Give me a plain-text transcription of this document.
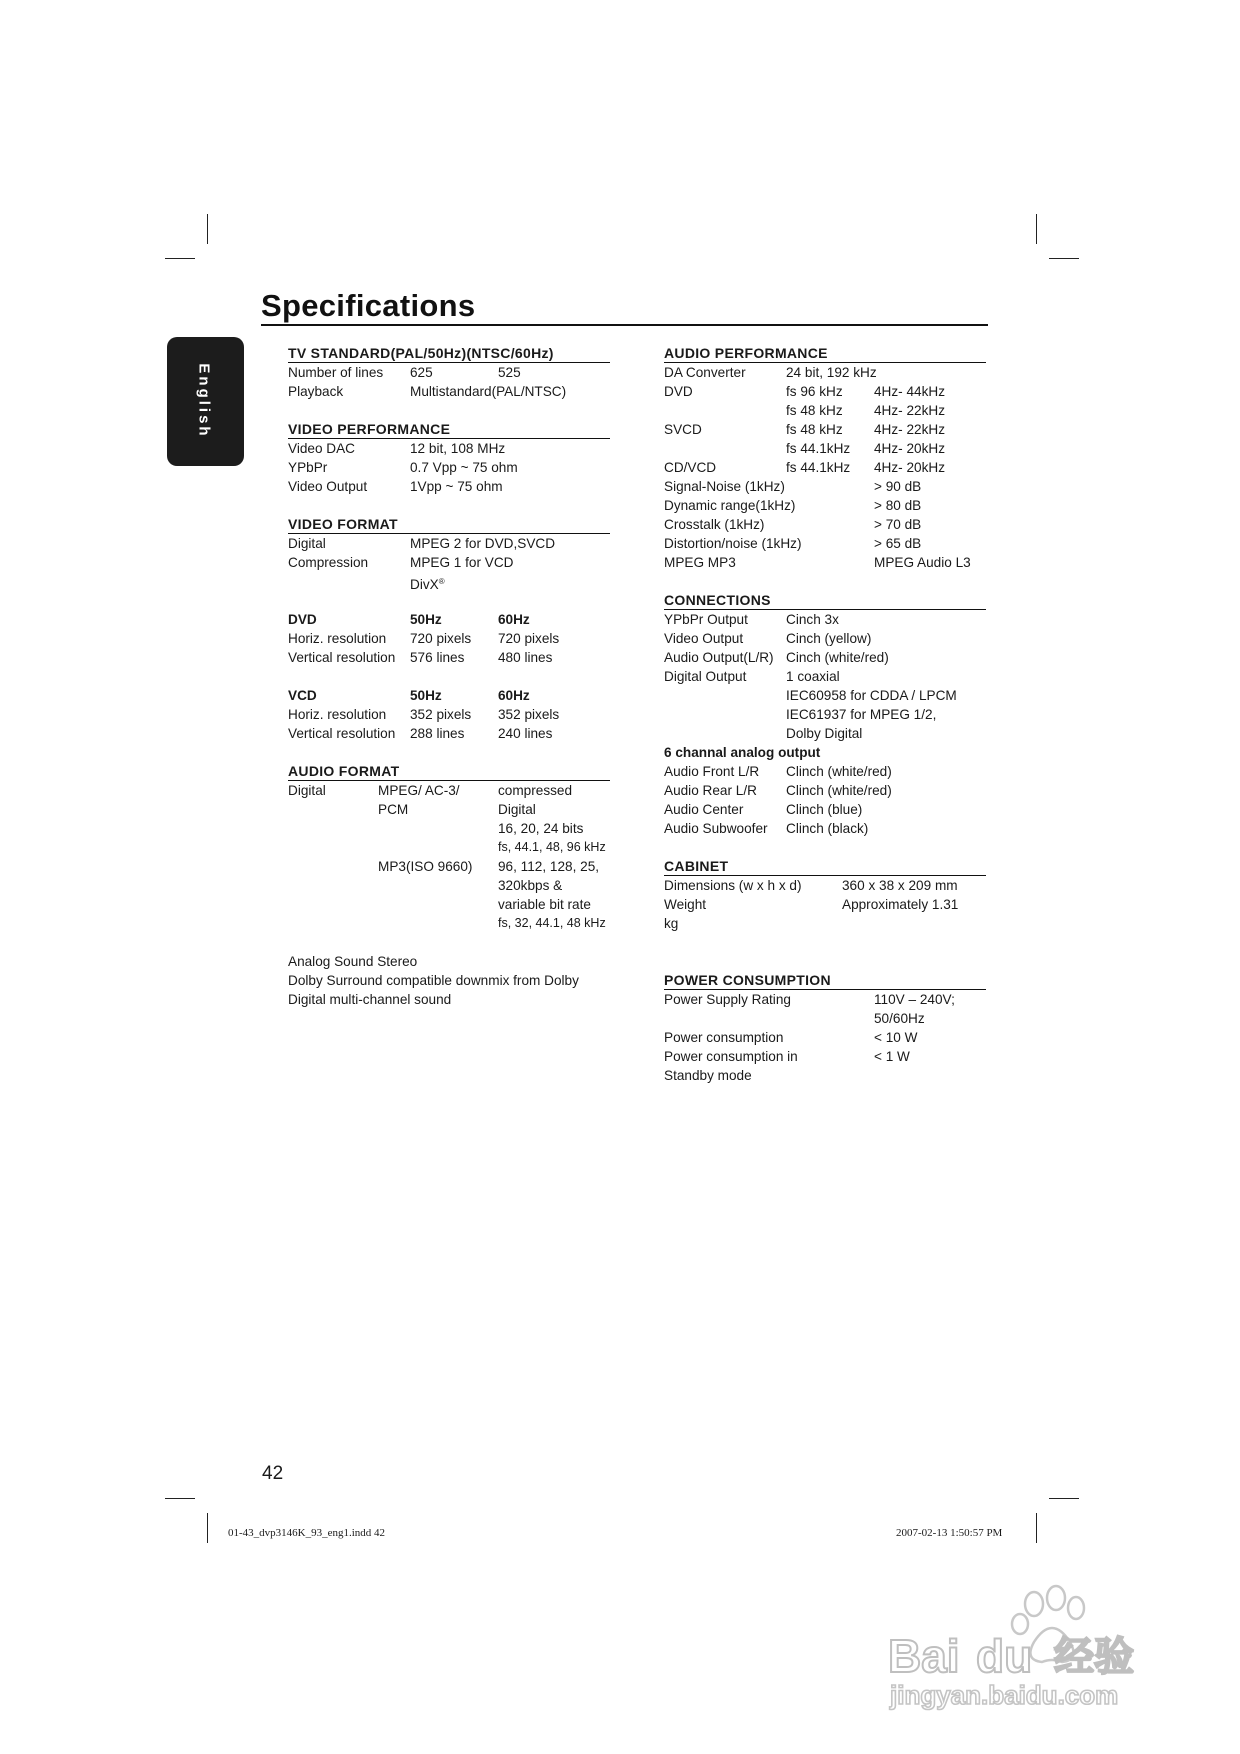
English
Specifications
TV STANDARD(PAL/50Hz)(NTSC/60Hz)
Number of lines	625	525
Playback	Multistandard(PAL/NTSC)
VIDEO PERFORMANCE
Video DAC	12 bit, 108 MHz
YPbPr	0.7 Vpp ~ 75 ohm
Video Output	1Vpp ~ 75 ohm
VIDEO FORMAT
Digital	MPEG 2 for DVD,SVCD
Compression	MPEG 1 for VCD
DivX®
DVD	50Hz	60Hz
Horiz. resolution	720 pixels	720 pixels
Vertical resolution	576 lines	480 lines
VCD	50Hz	60Hz
Horiz. resolution	352 pixels	352 pixels
Vertical resolution	288 lines	240 lines
AUDIO FORMAT
Digital	MPEG/ AC-3/	compressed
PCM	Digital
16, 20, 24 bits
fs, 44.1, 48, 96 kHz
MP3(ISO 9660)	96, 112, 128, 25,
320kbps &
variable bit rate
fs, 32, 44.1, 48 kHz
Analog Sound Stereo
Dolby Surround compatible downmix from Dolby
Digital multi-channel sound
AUDIO PERFORMANCE
DA Converter	24 bit, 192 kHz
DVD	fs 96 kHz	4Hz- 44kHz
fs 48 kHz	4Hz- 22kHz
SVCD	fs 48 kHz	4Hz- 22kHz
fs 44.1kHz	4Hz- 20kHz
CD/VCD	fs 44.1kHz	4Hz- 20kHz
Signal-Noise (1kHz)	> 90 dB
Dynamic range(1kHz)	> 80 dB
Crosstalk (1kHz)	> 70 dB
Distortion/noise (1kHz)	> 65 dB
MPEG MP3	MPEG Audio L3
CONNECTIONS
YPbPr Output	Cinch 3x
Video Output	Cinch (yellow)
Audio Output(L/R) Cinch (white/red)
Digital Output	1 coaxial
IEC60958 for CDDA / LPCM
IEC61937 for MPEG 1/2,
Dolby Digital
6 channal analog output
Audio Front L/R	Clinch (white/red)
Audio Rear L/R	Clinch (white/red)
Audio Center	Clinch (blue)
Audio Subwoofer	Clinch (black)
CABINET
Dimensions (w x h x d)	360 x 38 x 209 mm
Weight	Approximately 1.31
kg
POWER CONSUMPTION
Power Supply Rating	110V – 240V;
50/60Hz
Power consumption	< 10 W
Power consumption in	< 1 W
Standby mode
42
01-43_dvp3146K_93_eng1.indd 42	2007-02-13 1:50:57 PM
Bai du 经验
jingyan.baidu.com
